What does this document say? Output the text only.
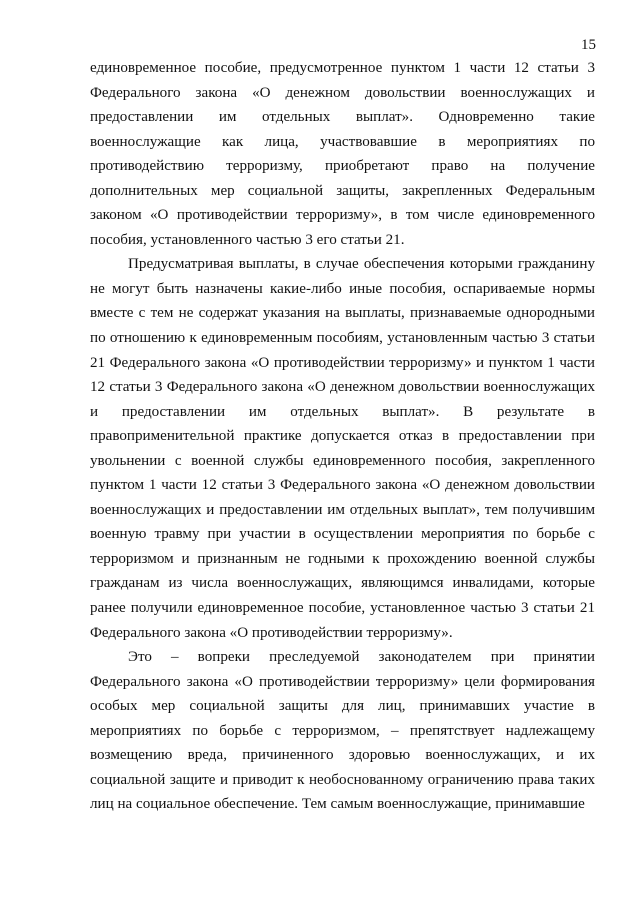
15

единовременное пособие, предусмотренное пунктом 1 части 12 статьи 3 Федерального закона «О денежном довольствии военнослужащих и предоставлении им отдельных выплат». Одновременно такие военнослужащие как лица, участвовавшие в мероприятиях по противодействию терроризму, приобретают право на получение дополнительных мер социальной защиты, закрепленных Федеральным законом «О противодействии терроризму», в том числе единовременного пособия, установленного частью 3 его статьи 21.

Предусматривая выплаты, в случае обеспечения которыми гражданину не могут быть назначены какие-либо иные пособия, оспариваемые нормы вместе с тем не содержат указания на выплаты, признаваемые однородными по отношению к единовременным пособиям, установленным частью 3 статьи 21 Федерального закона «О противодействии терроризму» и пунктом 1 части 12 статьи 3 Федерального закона «О денежном довольствии военнослужащих и предоставлении им отдельных выплат». В результате в правоприменительной практике допускается отказ в предоставлении при увольнении с военной службы единовременного пособия, закрепленного пунктом 1 части 12 статьи 3 Федерального закона «О денежном довольствии военнослужащих и предоставлении им отдельных выплат», тем получившим военную травму при участии в осуществлении мероприятия по борьбе с терроризмом и признанным не годными к прохождению военной службы гражданам из числа военнослужащих, являющимся инвалидами, которые ранее получили единовременное пособие, установленное частью 3 статьи 21 Федерального закона «О противодействии терроризму».

Это – вопреки преследуемой законодателем при принятии Федерального закона «О противодействии терроризму» цели формирования особых мер социальной защиты для лиц, принимавших участие в мероприятиях по борьбе с терроризмом, – препятствует надлежащему возмещению вреда, причиненного здоровью военнослужащих, и их социальной защите и приводит к необоснованному ограничению права таких лиц на социальное обеспечение. Тем самым военнослужащие, принимавшие
